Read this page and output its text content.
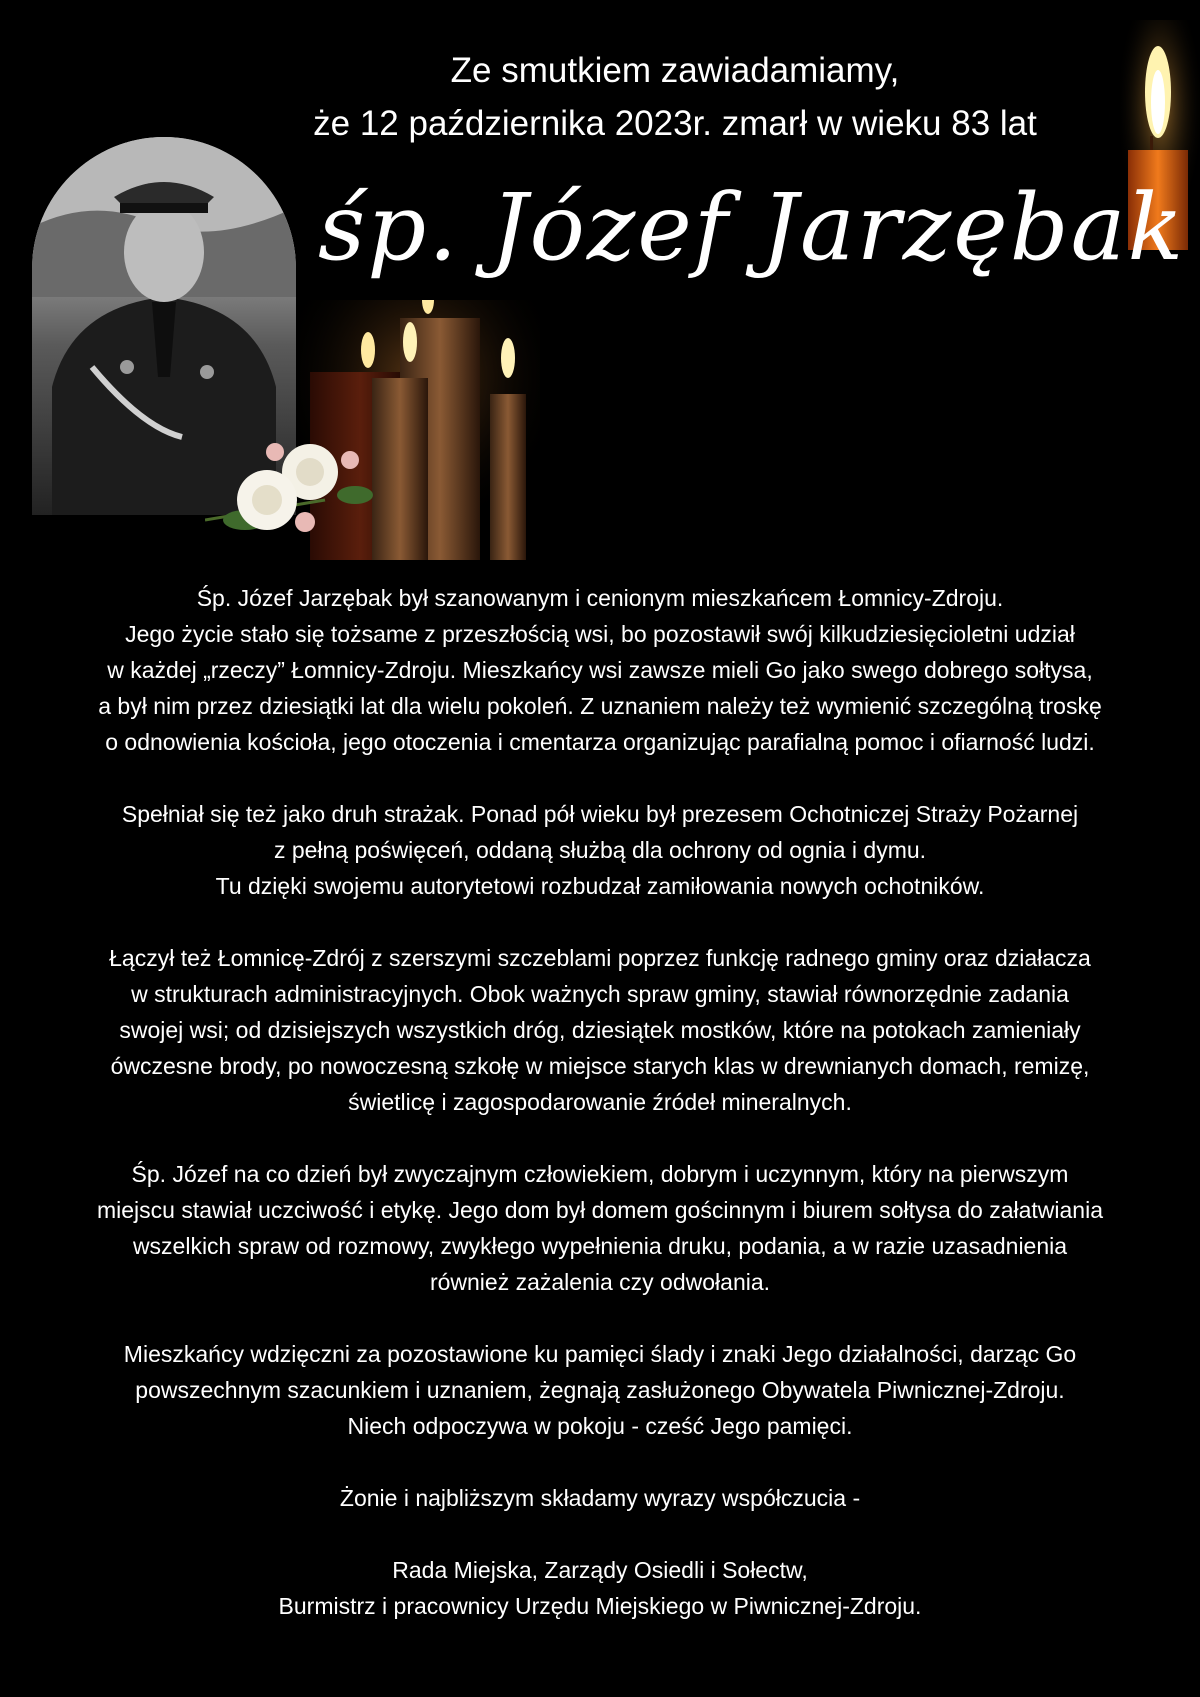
Ze smutkiem zawiadamiamy,
że 12 października 2023r. zmarł w wieku 83 lat
śp. Józef Jarzębak

Śp. Józef Jarzębak był szanowanym i cenionym mieszkańcem Łomnicy-Zdroju.
Jego życie stało się tożsame z przeszłością wsi, bo pozostawił swój kilkudziesięcioletni udział
w każdej „rzeczy” Łomnicy-Zdroju. Mieszkańcy wsi zawsze mieli Go jako swego dobrego sołtysa,
a był nim przez dziesiątki lat dla wielu pokoleń. Z uznaniem należy też wymienić szczególną troskę
o odnowienia kościoła, jego otoczenia i cmentarza organizując parafialną pomoc i ofiarność ludzi.

Spełniał się też jako druh strażak. Ponad pół wieku był prezesem Ochotniczej Straży Pożarnej
z pełną poświęceń, oddaną służbą dla ochrony od ognia i dymu.
Tu dzięki swojemu autorytetowi rozbudzał zamiłowania nowych ochotników.

Łączył też Łomnicę-Zdrój z szerszymi szczeblami poprzez funkcję radnego gminy oraz działacza
w strukturach administracyjnych. Obok ważnych spraw gminy, stawiał równorzędnie zadania
swojej wsi; od dzisiejszych wszystkich dróg, dziesiątek mostków, które na potokach zamieniały
ówczesne brody, po nowoczesną szkołę w miejsce starych klas w drewnianych domach, remizę,
świetlicę i zagospodarowanie źródeł mineralnych.

Śp. Józef na co dzień był zwyczajnym człowiekiem, dobrym i uczynnym, który na pierwszym
miejscu stawiał uczciwość i etykę. Jego dom był domem gościnnym i biurem sołtysa do załatwiania
wszelkich spraw od rozmowy, zwykłego wypełnienia druku, podania, a w razie uzasadnienia
również zażalenia czy odwołania.

Mieszkańcy wdzięczni za pozostawione ku pamięci ślady i znaki Jego działalności, darząc Go
powszechnym szacunkiem i uznaniem, żegnają zasłużonego Obywatela Piwnicznej-Zdroju.
Niech odpoczywa w pokoju - cześć Jego pamięci.

Żonie i najbliższym składamy wyrazy współczucia -

Rada Miejska, Zarządy Osiedli i Sołectw,
Burmistrz i pracownicy Urzędu Miejskiego w Piwnicznej-Zdroju.
